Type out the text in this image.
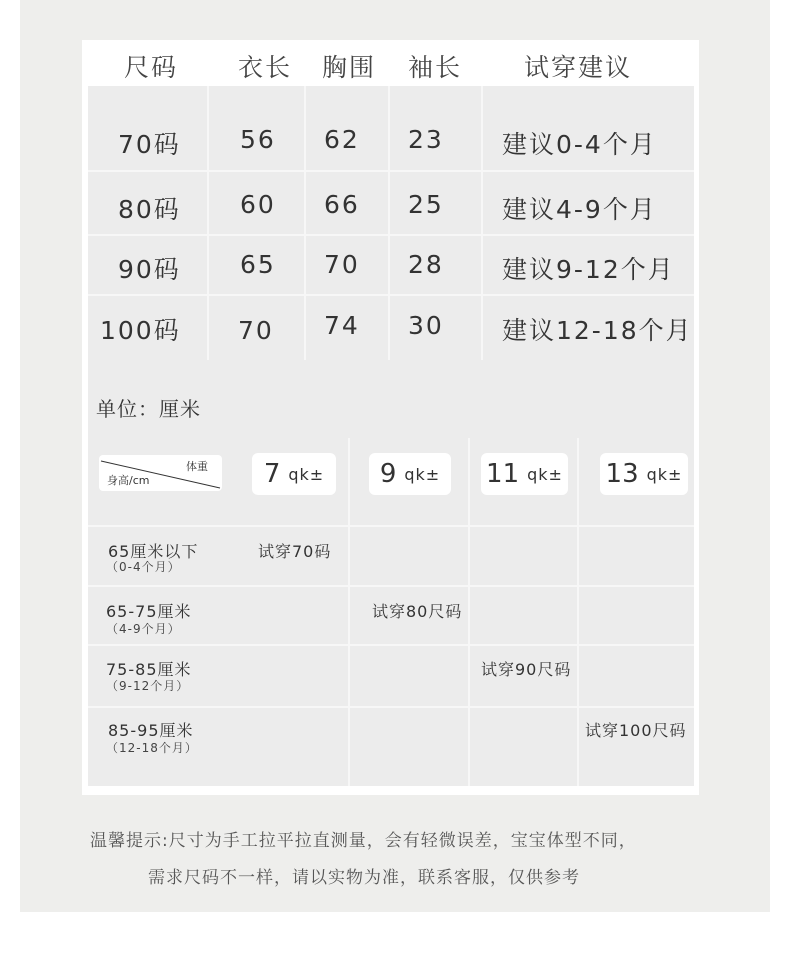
尺码 衣长 胸围 袖长 试穿建议
70码 56 62 23 建议0-4个月
80码 60 66 25 建议4-9个月
90码 65 70 28 建议9-12个月
100码 70 74 30 建议12-18个月
单位：厘米
体重
身高/cm	7 qk± 9 qk± 11 qk± 13 qk±
65厘米以下
（0-4个月）
试穿70码
65-75厘米
（4-9个月）
试穿80尺码
75-85厘米
（9-12个月）
试穿90尺码
85-95厘米
（12-18个月）
试穿100尺码
温馨提示:尺寸为手工拉平拉直测量，会有轻微误差，宝宝体型不同，
需求尺码不一样，请以实物为准，联系客服，仅供参考
